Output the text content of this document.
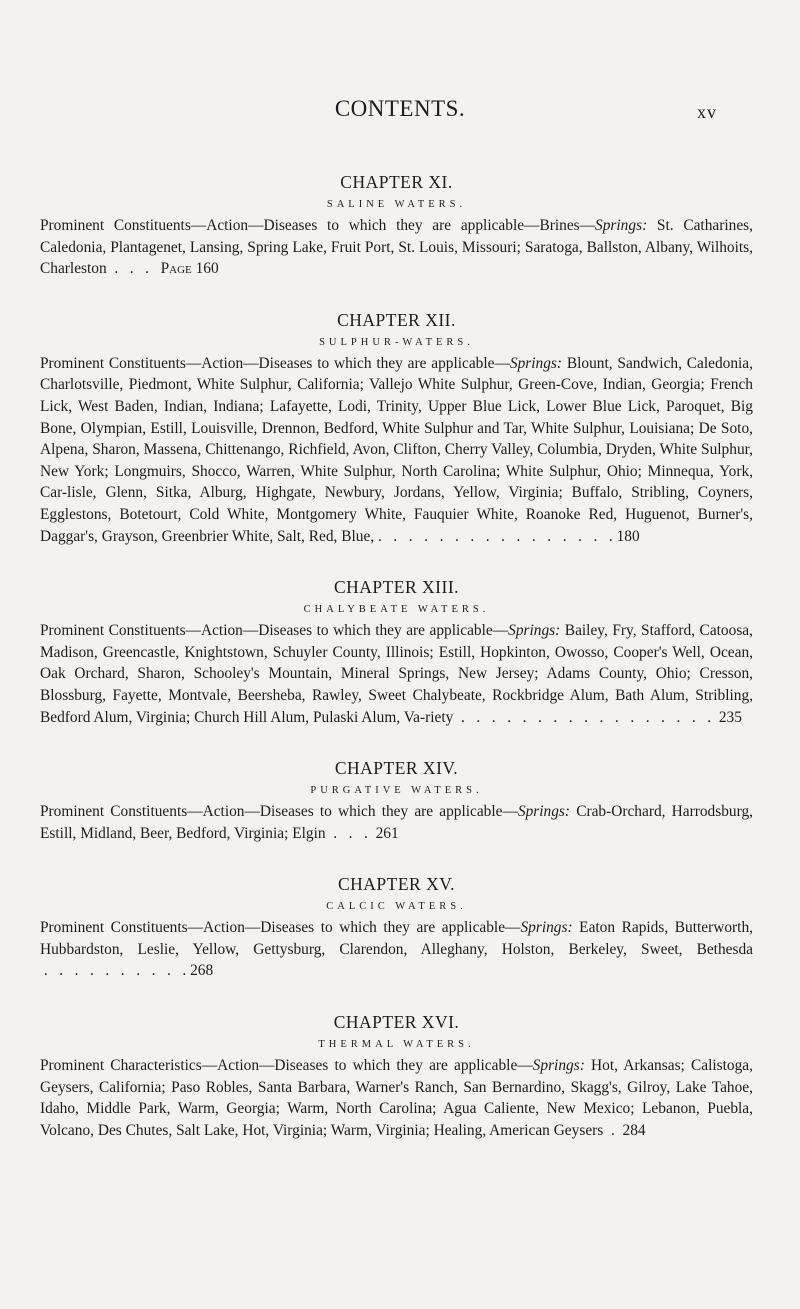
CONTENTS.	xv
CHAPTER XI.
SALINE WATERS.
Prominent Constituents—Action—Diseases to which they are applicable—Brines—Springs: St. Catharines, Caledonia, Plantagenet, Lansing, Spring Lake, Fruit Port, St. Louis, Missouri; Saratoga, Ballston, Albany, Wilhoits, Charleston  .   .   .   Page 160
CHAPTER XII.
SULPHUR-WATERS.
Prominent Constituents—Action—Diseases to which they are applicable—Springs: Blount, Sandwich, Caledonia, Charlotsville, Piedmont, White Sulphur, California; Vallejo White Sulphur, Green-Cove, Indian, Georgia; French Lick, West Baden, Indian, Indiana; Lafayette, Lodi, Trinity, Upper Blue Lick, Lower Blue Lick, Paroquet, Big Bone, Olympian, Estill, Louisville, Drennon, Bedford, White Sulphur and Tar, White Sulphur, Louisiana; De Soto, Alpena, Sharon, Massena, Chittenango, Richfield, Avon, Clifton, Cherry Valley, Columbia, Dryden, White Sulphur, New York; Longmuirs, Shocco, Warren, White Sulphur, North Carolina; White Sulphur, Ohio; Minnequa, York, Car-lisle, Glenn, Sitka, Alburg, Highgate, Newbury, Jordans, Yellow, Virginia; Buffalo, Stribling, Coyners, Egglestons, Botetourt, Cold White, Montgomery White, Fauquier White, Roanoke Red, Huguenot, Burner's, Daggar's, Grayson, Greenbrier White, Salt, Red, Blue, .   .   .   .   .   .   .   .   .   .   .   .   .   .   .   . 180
CHAPTER XIII.
CHALYBEATE WATERS.
Prominent Constituents—Action—Diseases to which they are applicable—Springs: Bailey, Fry, Stafford, Catoosa, Madison, Greencastle, Knightstown, Schuyler County, Illinois; Estill, Hopkinton, Owosso, Cooper's Well, Ocean, Oak Orchard, Sharon, Schooley's Mountain, Mineral Springs, New Jersey; Adams County, Ohio; Cresson, Blossburg, Fayette, Montvale, Beersheba, Rawley, Sweet Chalybeate, Rockbridge Alum, Bath Alum, Stribling, Bedford Alum, Virginia; Church Hill Alum, Pulaski Alum, Va-riety  .   .   .   .   .   .   .   .   .   .   .   .   .   .   .   .   .  235
CHAPTER XIV.
PURGATIVE WATERS.
Prominent Constituents—Action—Diseases to which they are applicable—Springs: Crab-Orchard, Harrodsburg, Estill, Midland, Beer, Bedford, Virginia; Elgin  .   .   .  261
CHAPTER XV.
CALCIC WATERS.
Prominent Constituents—Action—Diseases to which they are applicable—Springs: Eaton Rapids, Butterworth, Hubbardston, Leslie, Yellow, Gettysburg, Clarendon, Alleghany, Holston, Berkeley, Sweet, Bethesda .   .   .   .   .   .   .   .   .   . 268
CHAPTER XVI.
THERMAL WATERS.
Prominent Characteristics—Action—Diseases to which they are applicable—Springs: Hot, Arkansas; Calistoga, Geysers, California; Paso Robles, Santa Barbara, Warner's Ranch, San Bernardino, Skagg's, Gilroy, Lake Tahoe, Idaho, Middle Park, Warm, Georgia; Warm, North Carolina; Agua Caliente, New Mexico; Lebanon, Puebla, Volcano, Des Chutes, Salt Lake, Hot, Virginia; Warm, Virginia; Healing, American Geysers  .  284
